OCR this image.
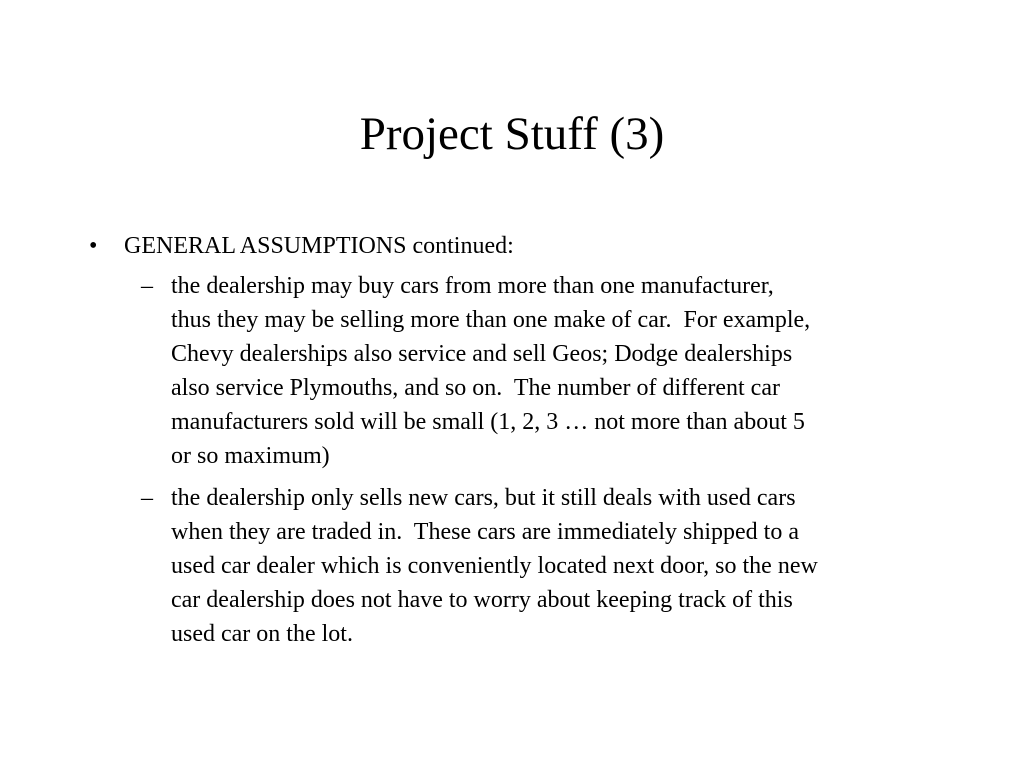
Project Stuff (3)
• GENERAL ASSUMPTIONS continued:
– the dealership may buy cars from more than one manufacturer,
thus they may be selling more than one make of car.  For example,
Chevy dealerships also service and sell Geos; Dodge dealerships
also service Plymouths, and so on.  The number of different car
manufacturers sold will be small (1, 2, 3 … not more than about 5
or so maximum)
– the dealership only sells new cars, but it still deals with used cars
when they are traded in.  These cars are immediately shipped to a
used car dealer which is conveniently located next door, so the new
car dealership does not have to worry about keeping track of this
used car on the lot.
